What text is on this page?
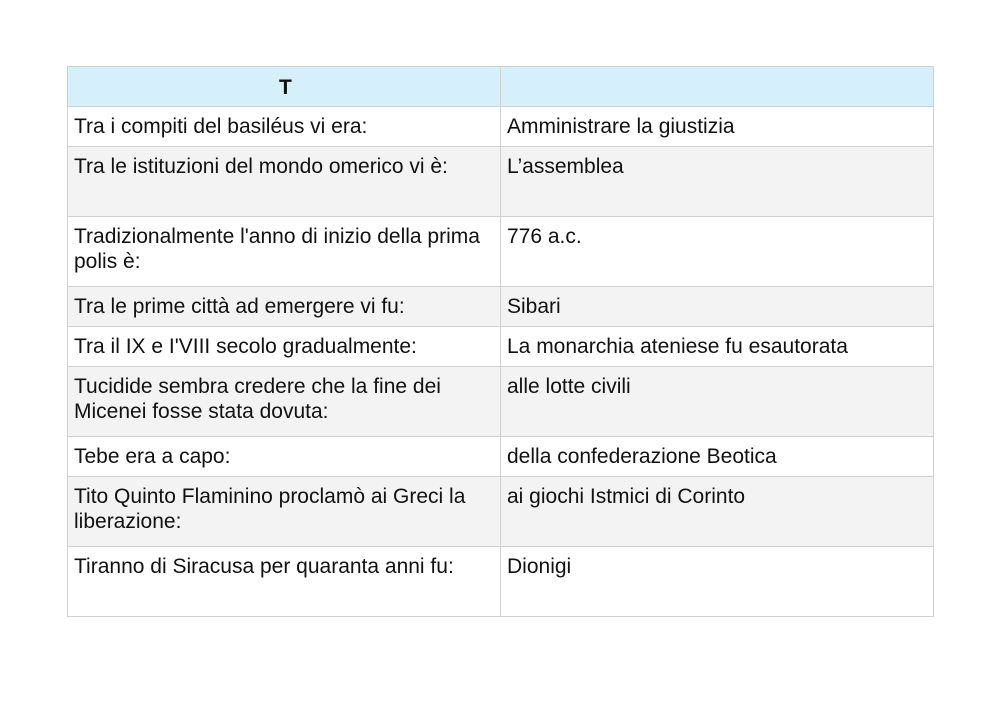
T	
Tra i compiti del basiléus vi era:	Amministrare la giustizia
Tra le istituzioni del mondo omerico vi è:	L’assemblea
Tradizionalmente l'anno di inizio della prima polis è:	776 a.c.
Tra le prime città ad emergere vi fu:	Sibari
Tra il IX e I'VIII secolo gradualmente:	La monarchia ateniese fu esautorata
Tucidide sembra credere che la fine dei Micenei fosse stata dovuta:	alle lotte civili
Tebe era a capo:	della confederazione Beotica
Tito Quinto Flaminino proclamò ai Greci la liberazione:	ai giochi Istmici di Corinto
Tiranno di Siracusa per quaranta anni fu:	Dionigi
